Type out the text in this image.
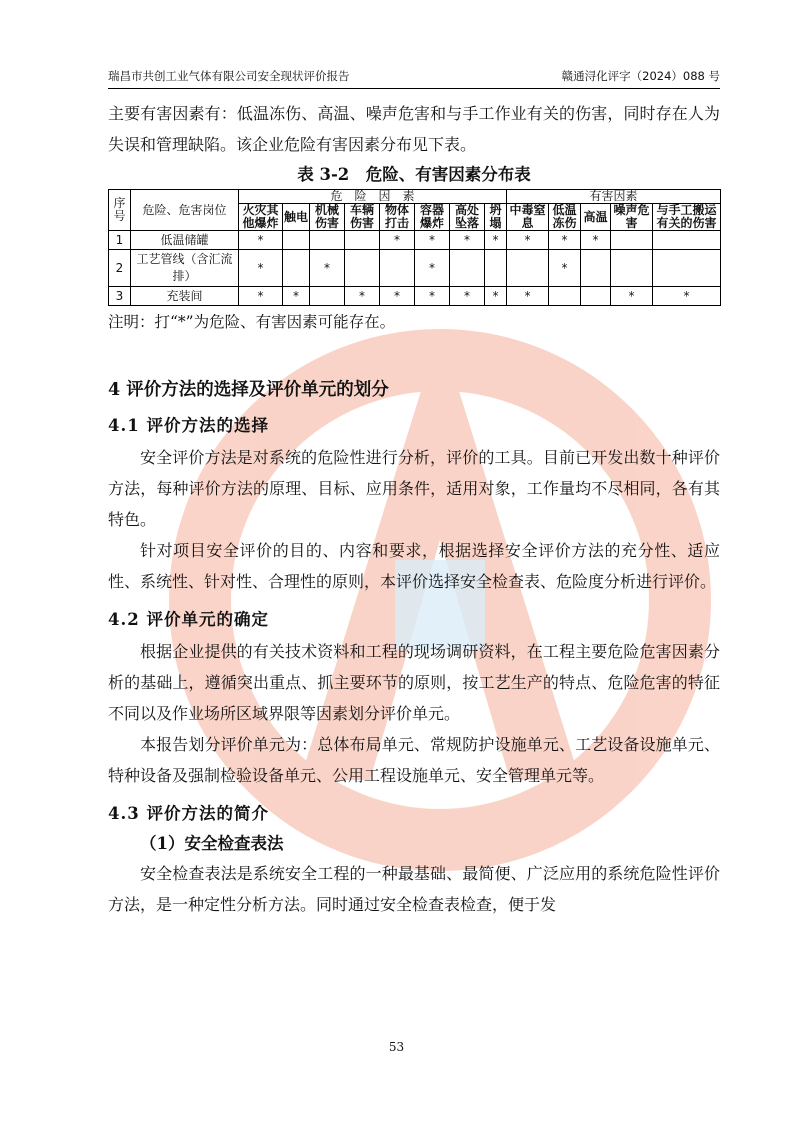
瑞昌市共创工业气体有限公司安全现状评价报告	赣通浔化评字（2024）088 号

主要有害因素有：低温冻伤、高温、噪声危害和与手工作业有关的伤害，同时存在人为失误和管理缺陷。该企业危险有害因素分布见下表。

表 3-2　危险、有害因素分布表
序号	危险、危害岗位	危　险　因　素								有害因素				
		火灾其他爆炸	触电	机械伤害	车辆伤害	物体打击	容器爆炸	高处坠落	坍塌	中毒窒息	低温冻伤	高温	噪声危害	与手工搬运有关的伤害
1	低温储罐	*				*	*	*	*	*	*	*		
2	工艺管线（含汇流排）	*		*			*				*			
3	充装间	*	*		*	*	*	*	*	*			*	*
注明：打“*”为危险、有害因素可能存在。
4 评价方法的选择及评价单元的划分
4.1 评价方法的选择

安全评价方法是对系统的危险性进行分析，评价的工具。目前已开发出数十种评价方法，每种评价方法的原理、目标、应用条件，适用对象，工作量均不尽相同，各有其特色。

针对项目安全评价的目的、内容和要求，根据选择安全评价方法的充分性、适应性、系统性、针对性、合理性的原则，本评价选择安全检查表、危险度分析进行评价。

4.2 评价单元的确定

根据企业提供的有关技术资料和工程的现场调研资料，在工程主要危险危害因素分析的基础上，遵循突出重点、抓主要环节的原则，按工艺生产的特点、危险危害的特征不同以及作业场所区域界限等因素划分评价单元。

本报告划分评价单元为：总体布局单元、常规防护设施单元、工艺设备设施单元、特种设备及强制检验设备单元、公用工程设施单元、安全管理单元等。

4.3 评价方法的简介
（1）安全检查表法

安全检查表法是系统安全工程的一种最基础、最简便、广泛应用的系统危险性评价方法，是一种定性分析方法。同时通过安全检查表检查，便于发

53
